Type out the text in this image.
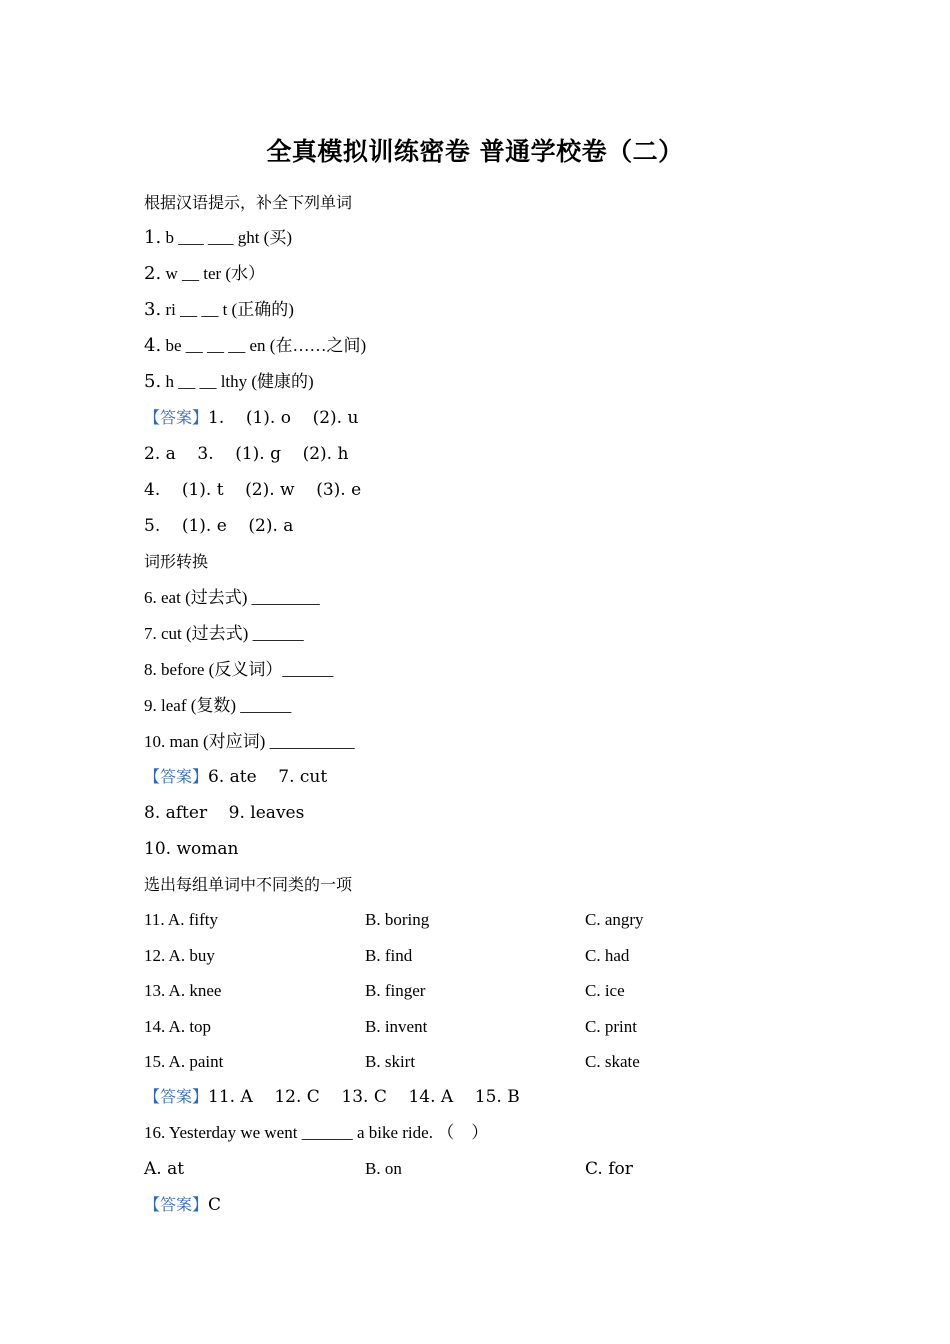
全真模拟训练密卷 普通学校卷（二）
根据汉语提示，补全下列单词
1. b ___ ___ ght (买)
2. w __ ter (水）
3. ri __ __ t (正确的)
4. be __ __ __ en (在……之间)
5. h __ __ lthy (健康的)
【答案】1.    (1). o    (2). u
2. a    3.    (1). g    (2). h
4.    (1). t    (2). w    (3). e
5.    (1). e    (2). a
词形转换
6. eat (过去式) ________
7. cut (过去式) ______
8. before (反义词）______
9. leaf (复数) ______
10. man (对应词) __________
【答案】6. ate    7. cut
8. after    9. leaves
10. woman
选出每组单词中不同类的一项
11. A. fifty	B. boring	C. angry
12. A. buy	B. find	C. had
13. A. knee	B. finger	C. ice
14. A. top	B. invent	C. print
15. A. paint	B. skirt	C. skate
【答案】11. A    12. C    13. C    14. A    15. B
16. Yesterday we went ______ a bike ride. （    ）
A. at	B. on	C. for
【答案】C
